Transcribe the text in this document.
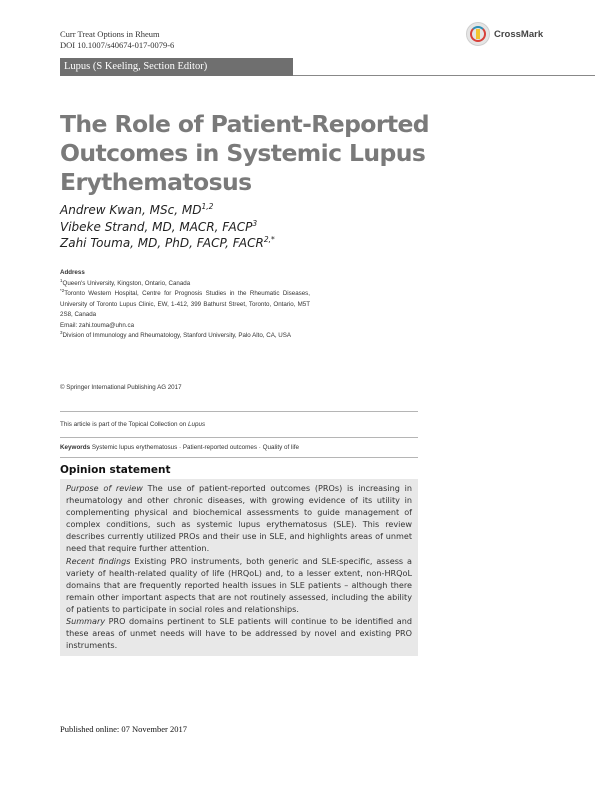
Curr Treat Options in Rheum
DOI 10.1007/s40674-017-0079-6
CrossMark
Lupus (S Keeling, Section Editor)
The Role of Patient-Reported Outcomes in Systemic Lupus Erythematosus
Andrew Kwan, MSc, MD$^{1,2}$
Vibeke Strand, MD, MACR, FACP$^3$
Zahi Touma, MD, PhD, FACP, $FACR^{2,*}$
Address
$^1$Queen's University, Kingston, Ontario, Canada
$^{*2}$Toronto Western Hospital, Centre for Prognosis Studies in the Rheumatic Diseases, University of Toronto Lupus Clinic, EW, 1-412, 399 Bathurst Street, Toronto, Ontario, M5T 2S8, Canada
Email: zahi.touma@uhn.ca
$^3$Division of Immunology and Rheumatology, Stanford University, Palo Alto, CA, USA
© Springer International Publishing AG 2017
This article is part of the Topical Collection on Lupus
Keywords Systemic lupus erythematosus · Patient-reported outcomes · Quality of life
Opinion statement

Purpose of review The use of patient-reported outcomes (PROs) is increasing in rheumatology and other chronic diseases, with growing evidence of its utility in complementing physical and biochemical assessments to guide management of complex conditions, such as systemic lupus erythematosus (SLE). This review describes currently utilized PROs and their use in SLE, and highlights areas of unmet need that require further attention.

Recent findings Existing PRO instruments, both generic and SLE-specific, assess a variety of health-related quality of life (HRQoL) and, to a lesser extent, non-HRQoL domains that are frequently reported health issues in SLE patients – although there remain other important aspects that are not routinely assessed, including the ability of patients to participate in social roles and relationships.

Summary PRO domains pertinent to SLE patients will continue to be identified and these areas of unmet needs will have to be addressed by novel and existing PRO instruments.

Published online: 07 November 2017
